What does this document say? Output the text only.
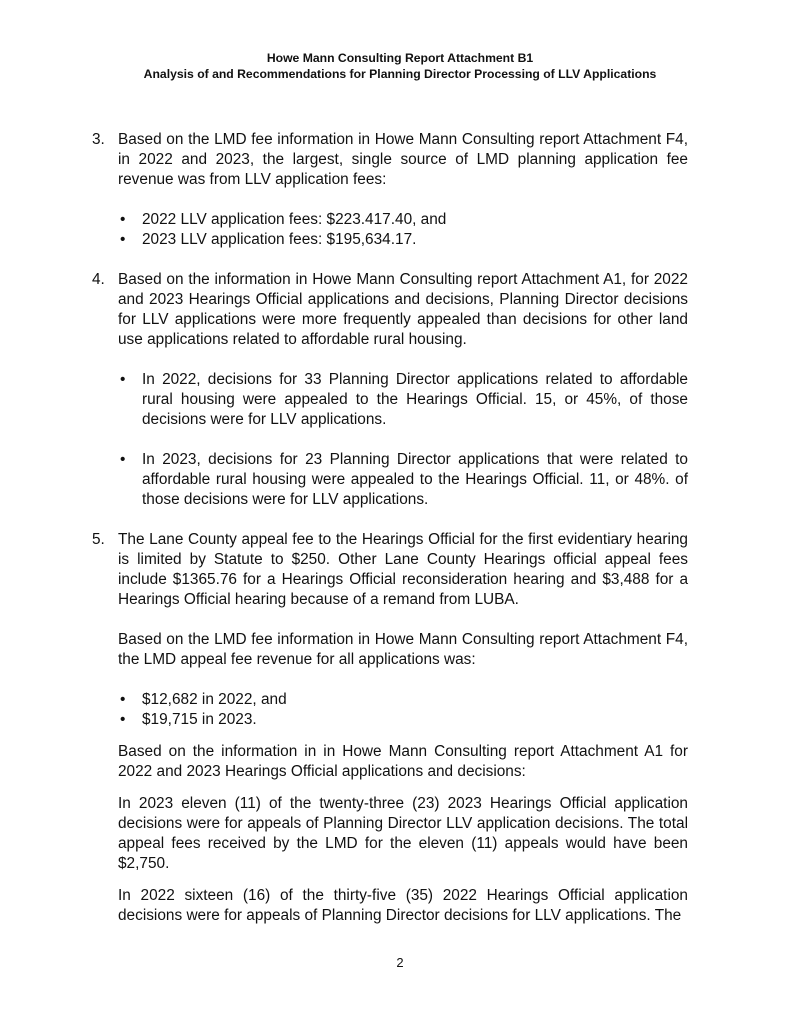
Howe Mann Consulting Report Attachment B1
Analysis of and Recommendations for Planning Director Processing of LLV Applications
3. Based on the LMD fee information in Howe Mann Consulting report Attachment F4, in 2022 and 2023, the largest, single source of LMD planning application fee revenue was from LLV application fees:

• 2022 LLV application fees: $223.417.40, and
• 2023 LLV application fees: $195,634.17.
4. Based on the information in Howe Mann Consulting report Attachment A1, for 2022 and 2023 Hearings Official applications and decisions, Planning Director decisions for LLV applications were more frequently appealed than decisions for other land use applications related to affordable rural housing.

• In 2022, decisions for 33 Planning Director applications related to affordable rural housing were appealed to the Hearings Official. 15, or 45%, of those decisions were for LLV applications.
• In 2023, decisions for 23 Planning Director applications that were related to affordable rural housing were appealed to the Hearings Official. 11, or 48%. of those decisions were for LLV applications.
5. The Lane County appeal fee to the Hearings Official for the first evidentiary hearing is limited by Statute to $250. Other Lane County Hearings official appeal fees include $1365.76 for a Hearings Official reconsideration hearing and $3,488 for a Hearings Official hearing because of a remand from LUBA.

Based on the LMD fee information in Howe Mann Consulting report Attachment F4, the LMD appeal fee revenue for all applications was:

• $12,682 in 2022, and
• $19,715 in 2023.

Based on the information in in Howe Mann Consulting report Attachment A1 for 2022 and 2023 Hearings Official applications and decisions:

In 2023 eleven (11) of the twenty-three (23) 2023 Hearings Official application decisions were for appeals of Planning Director LLV application decisions. The total appeal fees received by the LMD for the eleven (11) appeals would have been $2,750.

In 2022 sixteen (16) of the thirty-five (35) 2022 Hearings Official application decisions were for appeals of Planning Director decisions for LLV applications. The

2
